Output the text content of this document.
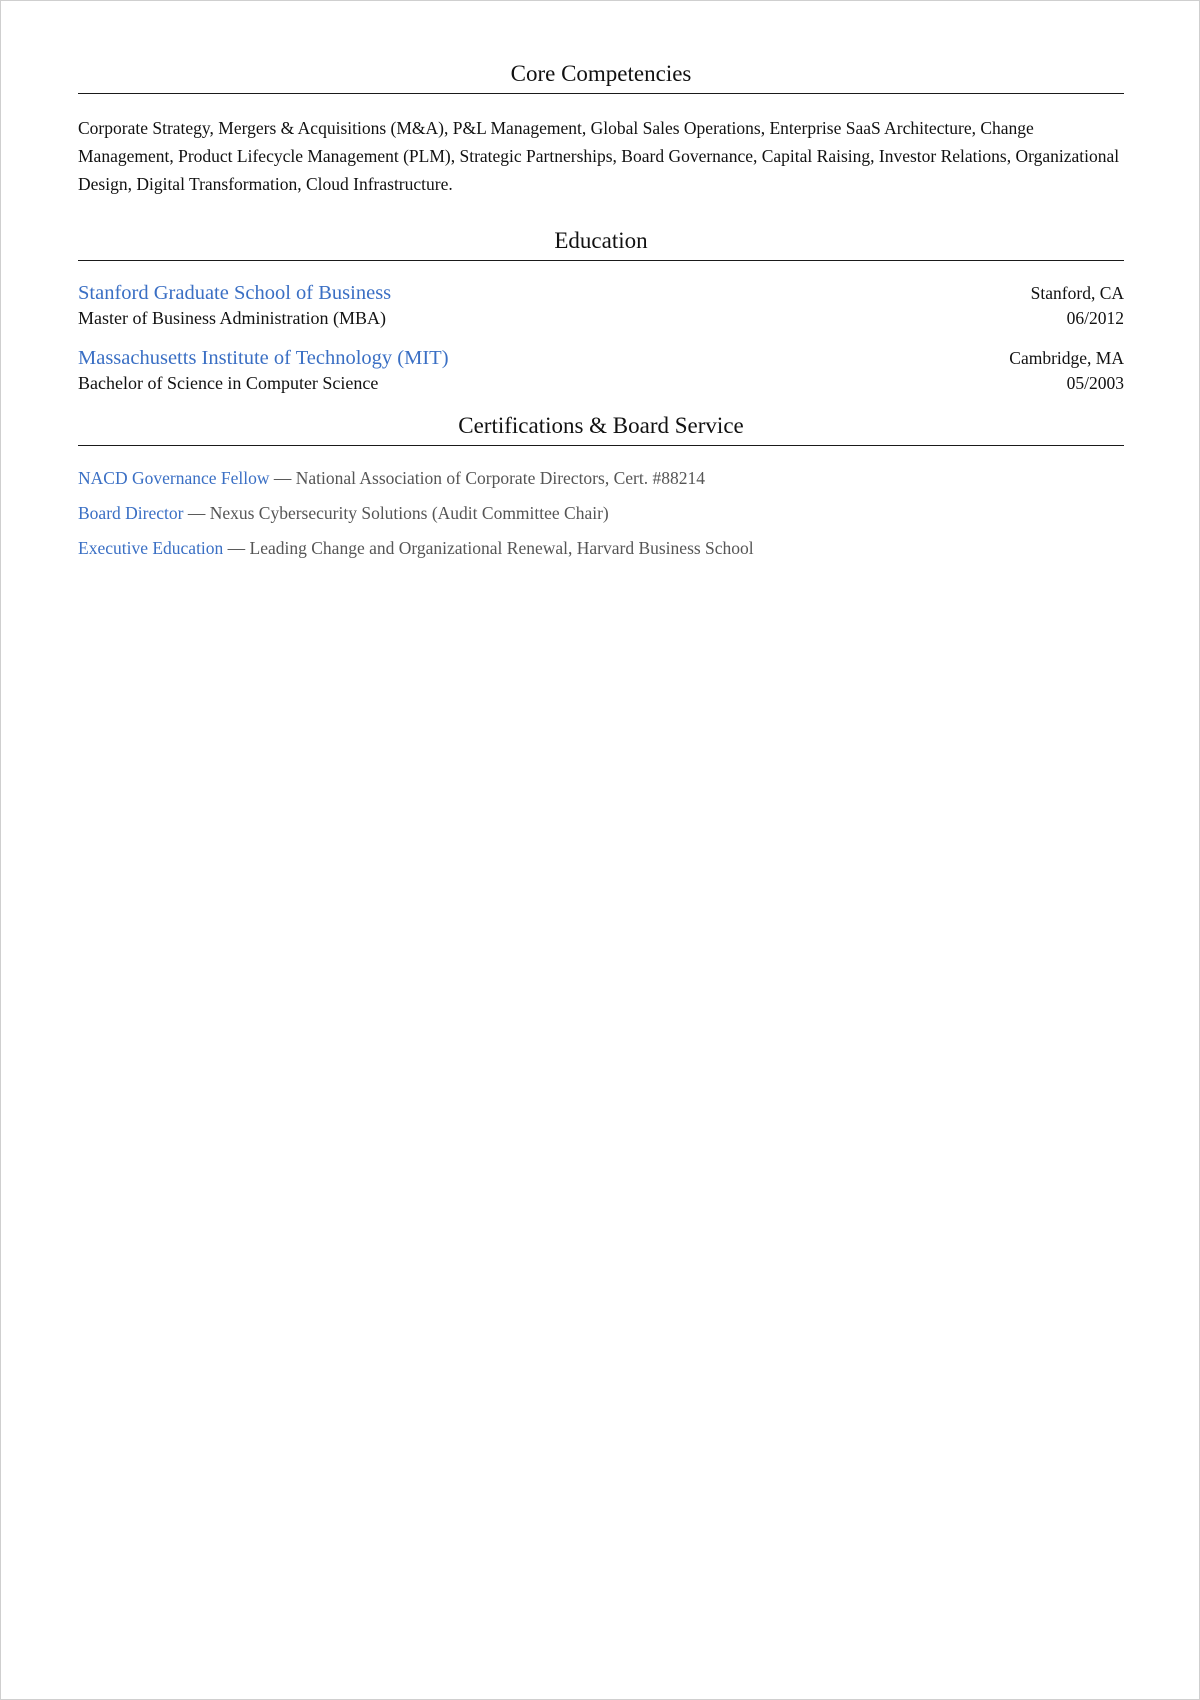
Core Competencies

Corporate Strategy, Mergers & Acquisitions (M&A), P&L Management, Global Sales Operations, Enterprise SaaS Architecture, Change Management, Product Lifecycle Management (PLM), Strategic Partnerships, Board Governance, Capital Raising, Investor Relations, Organizational Design, Digital Transformation, Cloud Infrastructure.

Education
Stanford Graduate School of Business
Master of Business Administration (MBA)
Stanford, CA
06/2012
Massachusetts Institute of Technology (MIT)
Bachelor of Science in Computer Science
Cambridge, MA
05/2003
Certifications & Board Service
NACD Governance Fellow — National Association of Corporate Directors, Cert. #88214
Board Director — Nexus Cybersecurity Solutions (Audit Committee Chair)
Executive Education — Leading Change and Organizational Renewal, Harvard Business School
